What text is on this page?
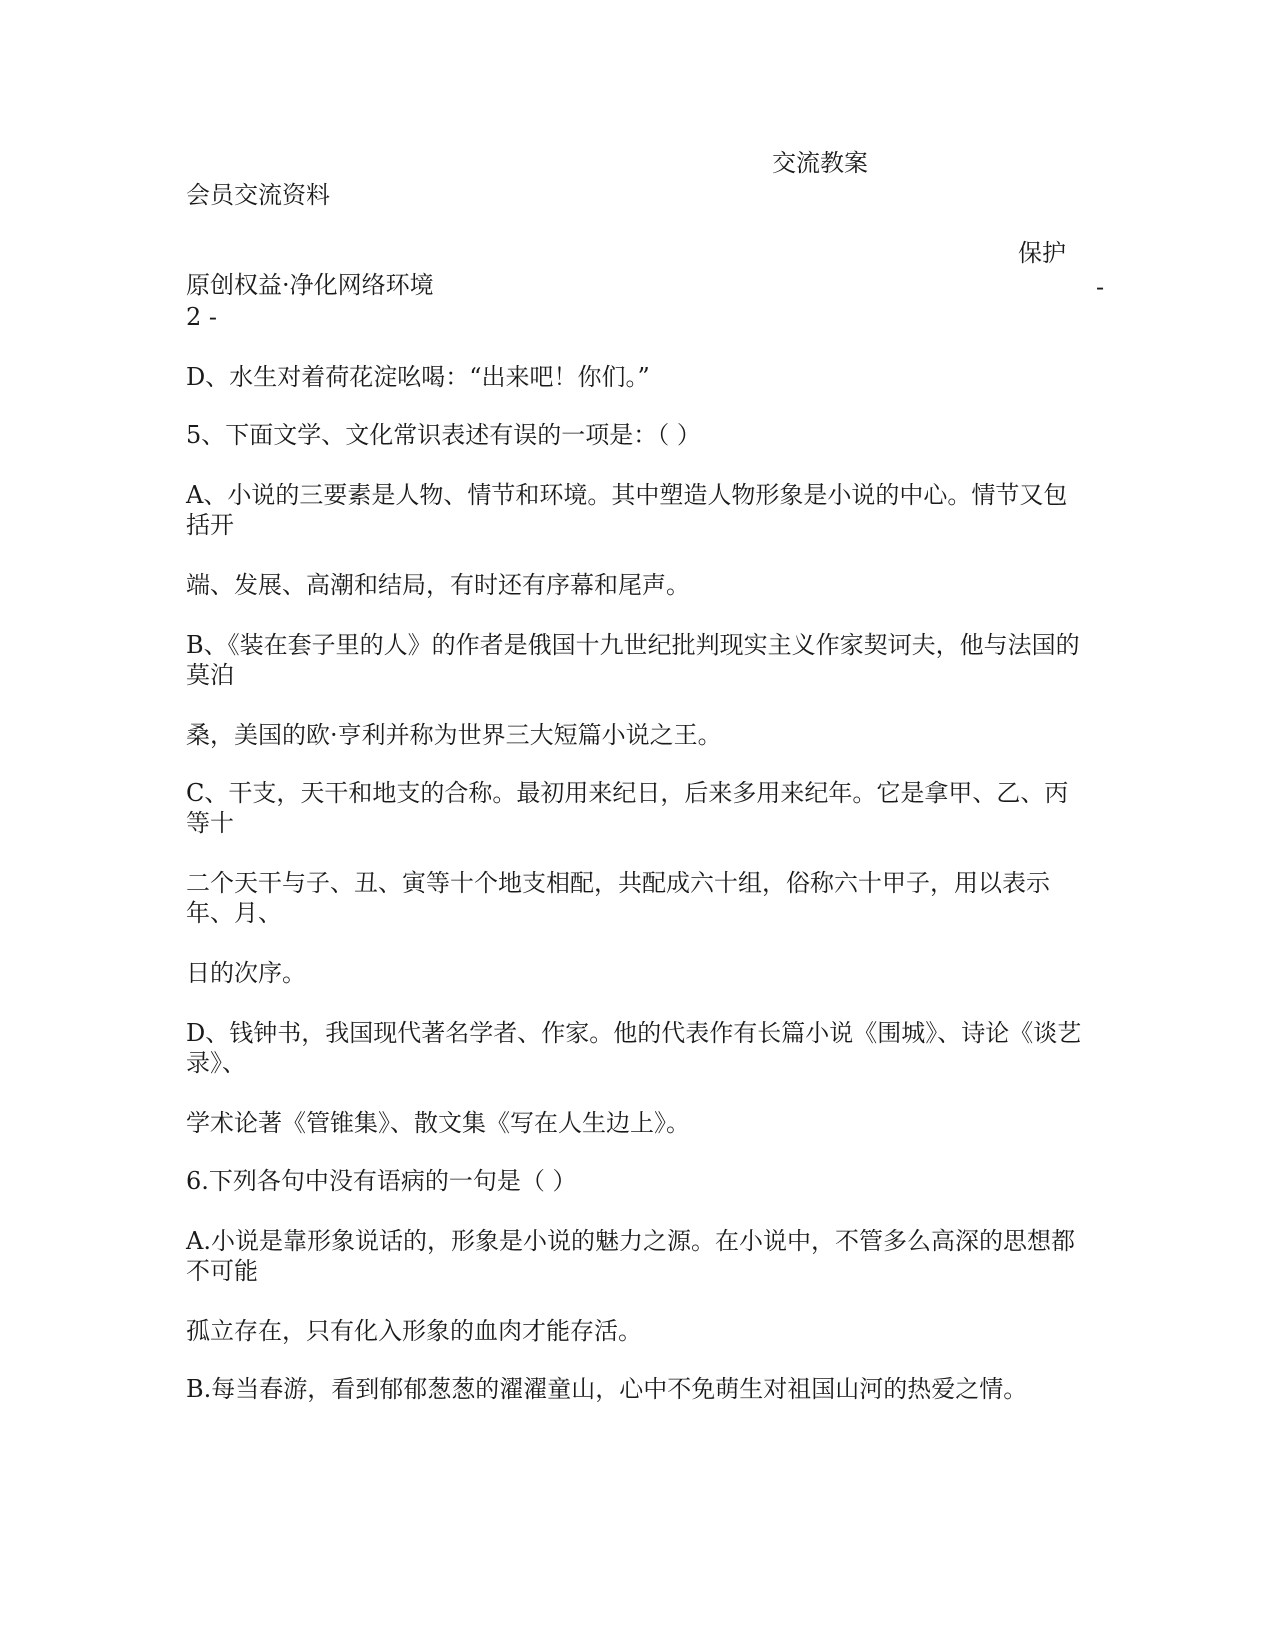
交流教案
会员交流资料
保护
原创权益·净化网络环境	-
2 -
D、水生对着荷花淀吆喝：“出来吧！你们。”
5、下面文学、文化常识表述有误的一项是：（ ）
A、小说的三要素是人物、情节和环境。其中塑造人物形象是小说的中心。情节又包括开
端、发展、高潮和结局，有时还有序幕和尾声。
B、《装在套子里的人》的作者是俄国十九世纪批判现实主义作家契诃夫，他与法国的莫泊
桑，美国的欧·亨利并称为世界三大短篇小说之王。
C、干支，天干和地支的合称。最初用来纪日，后来多用来纪年。它是拿甲、乙、丙等十
二个天干与子、丑、寅等十个地支相配，共配成六十组，俗称六十甲子，用以表示年、月、
日的次序。
D、钱钟书，我国现代著名学者、作家。他的代表作有长篇小说《围城》、诗论《谈艺录》、
学术论著《管锥集》、散文集《写在人生边上》。
6.下列各句中没有语病的一句是（ ）
A.小说是靠形象说话的，形象是小说的魅力之源。在小说中，不管多么高深的思想都不可能
孤立存在，只有化入形象的血肉才能存活。
B.每当春游，看到郁郁葱葱的濯濯童山，心中不免萌生对祖国山河的热爱之情。
